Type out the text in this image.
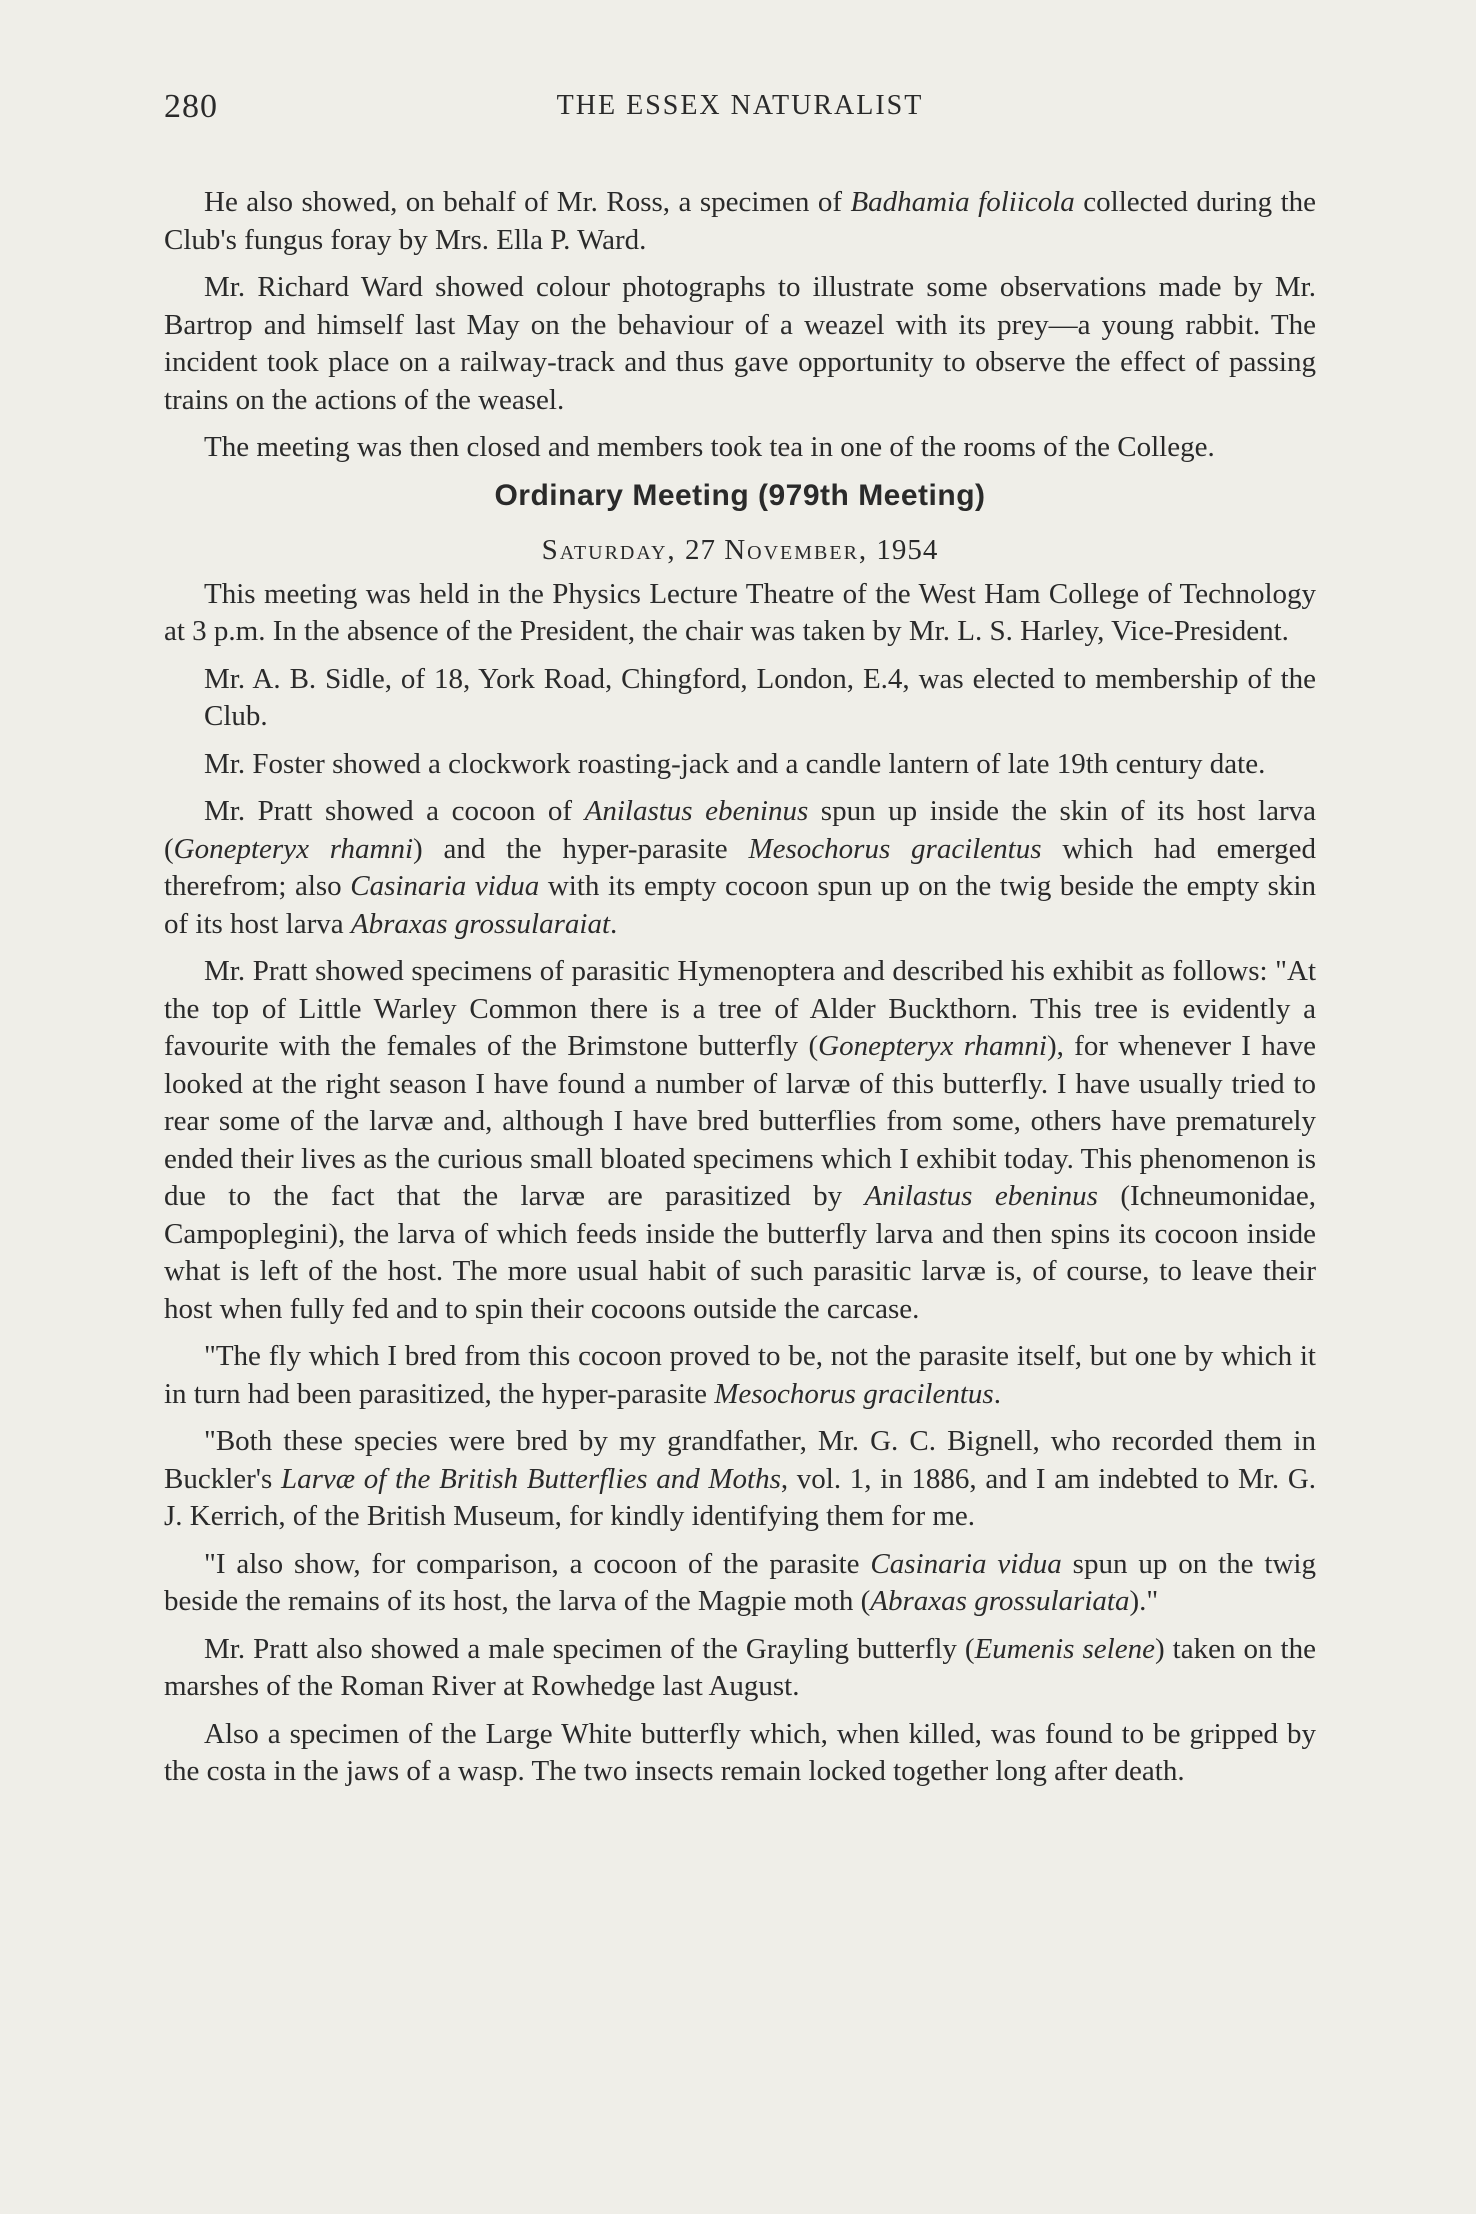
280	THE ESSEX NATURALIST

He also showed, on behalf of Mr. Ross, a specimen of Badhamia foliicola collected during the Club's fungus foray by Mrs. Ella P. Ward.

Mr. Richard Ward showed colour photographs to illustrate some observations made by Mr. Bartrop and himself last May on the behaviour of a weazel with its prey—a young rabbit. The incident took place on a railway-track and thus gave opportunity to observe the effect of passing trains on the actions of the weasel.

The meeting was then closed and members took tea in one of the rooms of the College.

Ordinary Meeting (979th Meeting)
Saturday, 27 November, 1954

This meeting was held in the Physics Lecture Theatre of the West Ham College of Technology at 3 p.m. In the absence of the President, the chair was taken by Mr. L. S. Harley, Vice-President.

Mr. A. B. Sidle, of 18, York Road, Chingford, London, E.4, was elected to membership of the Club.

Mr. Foster showed a clockwork roasting-jack and a candle lantern of late 19th century date.

Mr. Pratt showed a cocoon of Anilastus ebeninus spun up inside the skin of its host larva (Gonepteryx rhamni) and the hyper-parasite Mesochorus gracilentus which had emerged therefrom; also Casinaria vidua with its empty cocoon spun up on the twig beside the empty skin of its host larva Abraxas grossularaiat.

Mr. Pratt showed specimens of parasitic Hymenoptera and described his exhibit as follows: "At the top of Little Warley Common there is a tree of Alder Buckthorn. This tree is evidently a favourite with the females of the Brimstone butterfly (Gonepteryx rhamni), for whenever I have looked at the right season I have found a number of larvæ of this butterfly. I have usually tried to rear some of the larvæ and, although I have bred butterflies from some, others have prematurely ended their lives as the curious small bloated specimens which I exhibit today. This phenomenon is due to the fact that the larvæ are parasitized by Anilastus ebeninus (Ichneumonidae, Campoplegini), the larva of which feeds inside the butterfly larva and then spins its cocoon inside what is left of the host. The more usual habit of such parasitic larvæ is, of course, to leave their host when fully fed and to spin their cocoons outside the carcase.

"The fly which I bred from this cocoon proved to be, not the parasite itself, but one by which it in turn had been parasitized, the hyper-parasite Mesochorus gracilentus.

"Both these species were bred by my grandfather, Mr. G. C. Bignell, who recorded them in Buckler's Larvæ of the British Butterflies and Moths, vol. 1, in 1886, and I am indebted to Mr. G. J. Kerrich, of the British Museum, for kindly identifying them for me.

"I also show, for comparison, a cocoon of the parasite Casinaria vidua spun up on the twig beside the remains of its host, the larva of the Magpie moth (Abraxas grossulariata)."

Mr. Pratt also showed a male specimen of the Grayling butterfly (Eumenis selene) taken on the marshes of the Roman River at Rowhedge last August.

Also a specimen of the Large White butterfly which, when killed, was found to be gripped by the costa in the jaws of a wasp. The two insects remain locked together long after death.
